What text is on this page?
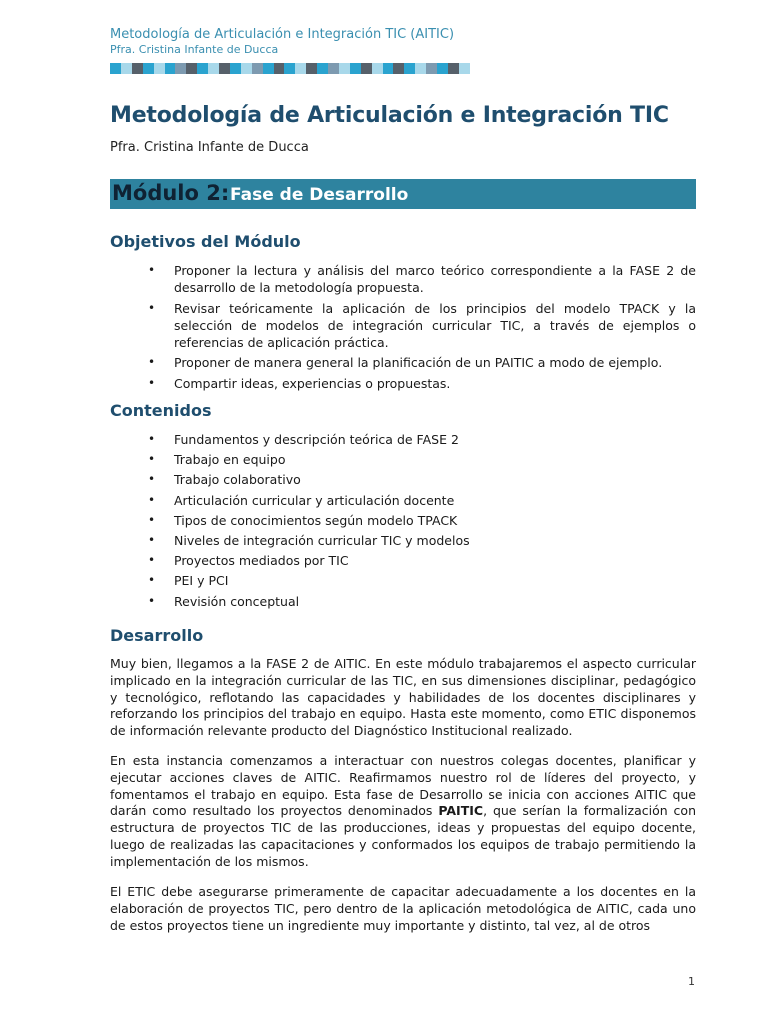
Metodología de Articulación e Integración TIC (AITIC)
Pfra. Cristina Infante de Ducca
Metodología de Articulación e Integración TIC
Pfra. Cristina Infante de Ducca
Módulo 2: Fase de Desarrollo
Objetivos del Módulo
• Proponer la lectura y análisis del marco teórico correspondiente a la FASE 2 de desarrollo de la metodología propuesta.
• Revisar teóricamente la aplicación de los principios del modelo TPACK y la selección de modelos de integración curricular TIC, a través de ejemplos o referencias de aplicación práctica.
• Proponer de manera general la planificación de un PAITIC a modo de ejemplo.
• Compartir ideas, experiencias o propuestas.
Contenidos
• Fundamentos y descripción teórica de FASE 2
• Trabajo en equipo
• Trabajo colaborativo
• Articulación curricular y articulación docente
• Tipos de conocimientos según modelo TPACK
• Niveles de integración curricular TIC y modelos
• Proyectos mediados por TIC
• PEI y PCI
• Revisión conceptual
Desarrollo

Muy bien, llegamos a la FASE 2 de AITIC. En este módulo trabajaremos el aspecto curricular implicado en la integración curricular de las TIC, en sus dimensiones disciplinar, pedagógico y tecnológico, reflotando las capacidades y habilidades de los docentes disciplinares y reforzando los principios del trabajo en equipo. Hasta este momento, como ETIC disponemos de información relevante producto del Diagnóstico Institucional realizado.

En esta instancia comenzamos a interactuar con nuestros colegas docentes, planificar y ejecutar acciones claves de AITIC. Reafirmamos nuestro rol de líderes del proyecto, y fomentamos el trabajo en equipo. Esta fase de Desarrollo se inicia con acciones AITIC que darán como resultado los proyectos denominados PAITIC, que serían la formalización con estructura de proyectos TIC de las producciones, ideas y propuestas del equipo docente, luego de realizadas las capacitaciones y conformados los equipos de trabajo permitiendo la implementación de los mismos.

El ETIC debe asegurarse primeramente de capacitar adecuadamente a los docentes en la elaboración de proyectos TIC, pero dentro de la aplicación metodológica de AITIC, cada uno de estos proyectos tiene un ingrediente muy importante y distinto, tal vez, al de otros

1
